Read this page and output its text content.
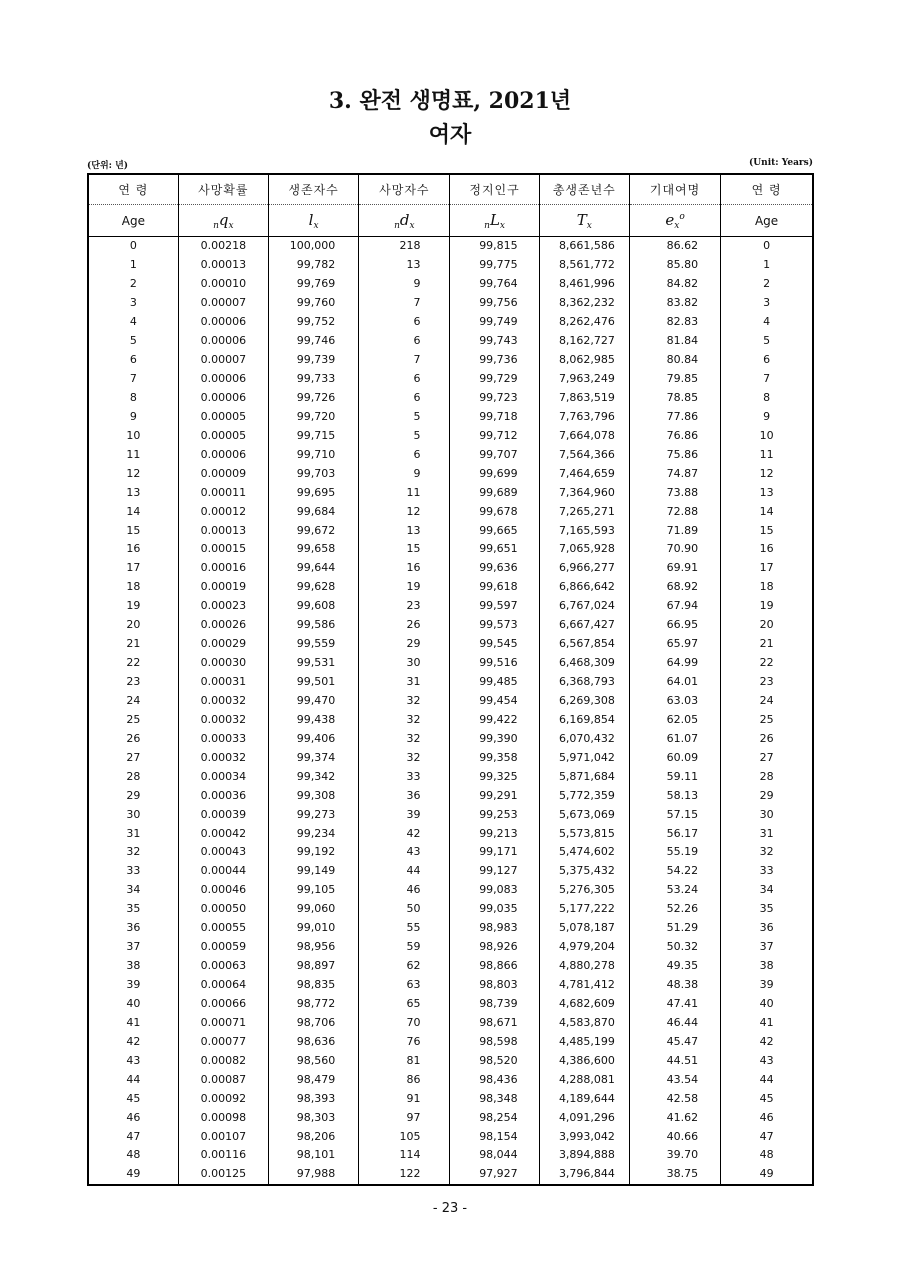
3. 완전 생명표, 2021년
여자
(단위: 년)	(Unit: Years)
연 령	사망확률	생존자수	사망자수	정지인구	총생존년수	기대여명	연 령
Age	$_nq_x$	$l_x$	$_nd_x$	$_nL_x$	$T_x$	$e_x^o$	Age
0	0.00218	100,000	218	99,815	8,661,586	86.62	0
1	0.00013	99,782	13	99,775	8,561,772	85.80	1
2	0.00010	99,769	9	99,764	8,461,996	84.82	2
3	0.00007	99,760	7	99,756	8,362,232	83.82	3
4	0.00006	99,752	6	99,749	8,262,476	82.83	4
5	0.00006	99,746	6	99,743	8,162,727	81.84	5
6	0.00007	99,739	7	99,736	8,062,985	80.84	6
7	0.00006	99,733	6	99,729	7,963,249	79.85	7
8	0.00006	99,726	6	99,723	7,863,519	78.85	8
9	0.00005	99,720	5	99,718	7,763,796	77.86	9
10	0.00005	99,715	5	99,712	7,664,078	76.86	10
11	0.00006	99,710	6	99,707	7,564,366	75.86	11
12	0.00009	99,703	9	99,699	7,464,659	74.87	12
13	0.00011	99,695	11	99,689	7,364,960	73.88	13
14	0.00012	99,684	12	99,678	7,265,271	72.88	14
15	0.00013	99,672	13	99,665	7,165,593	71.89	15
16	0.00015	99,658	15	99,651	7,065,928	70.90	16
17	0.00016	99,644	16	99,636	6,966,277	69.91	17
18	0.00019	99,628	19	99,618	6,866,642	68.92	18
19	0.00023	99,608	23	99,597	6,767,024	67.94	19
20	0.00026	99,586	26	99,573	6,667,427	66.95	20
21	0.00029	99,559	29	99,545	6,567,854	65.97	21
22	0.00030	99,531	30	99,516	6,468,309	64.99	22
23	0.00031	99,501	31	99,485	6,368,793	64.01	23
24	0.00032	99,470	32	99,454	6,269,308	63.03	24
25	0.00032	99,438	32	99,422	6,169,854	62.05	25
26	0.00033	99,406	32	99,390	6,070,432	61.07	26
27	0.00032	99,374	32	99,358	5,971,042	60.09	27
28	0.00034	99,342	33	99,325	5,871,684	59.11	28
29	0.00036	99,308	36	99,291	5,772,359	58.13	29
30	0.00039	99,273	39	99,253	5,673,069	57.15	30
31	0.00042	99,234	42	99,213	5,573,815	56.17	31
32	0.00043	99,192	43	99,171	5,474,602	55.19	32
33	0.00044	99,149	44	99,127	5,375,432	54.22	33
34	0.00046	99,105	46	99,083	5,276,305	53.24	34
35	0.00050	99,060	50	99,035	5,177,222	52.26	35
36	0.00055	99,010	55	98,983	5,078,187	51.29	36
37	0.00059	98,956	59	98,926	4,979,204	50.32	37
38	0.00063	98,897	62	98,866	4,880,278	49.35	38
39	0.00064	98,835	63	98,803	4,781,412	48.38	39
40	0.00066	98,772	65	98,739	4,682,609	47.41	40
41	0.00071	98,706	70	98,671	4,583,870	46.44	41
42	0.00077	98,636	76	98,598	4,485,199	45.47	42
43	0.00082	98,560	81	98,520	4,386,600	44.51	43
44	0.00087	98,479	86	98,436	4,288,081	43.54	44
45	0.00092	98,393	91	98,348	4,189,644	42.58	45
46	0.00098	98,303	97	98,254	4,091,296	41.62	46
47	0.00107	98,206	105	98,154	3,993,042	40.66	47
48	0.00116	98,101	114	98,044	3,894,888	39.70	48
49	0.00125	97,988	122	97,927	3,796,844	38.75	49
- 23 -
